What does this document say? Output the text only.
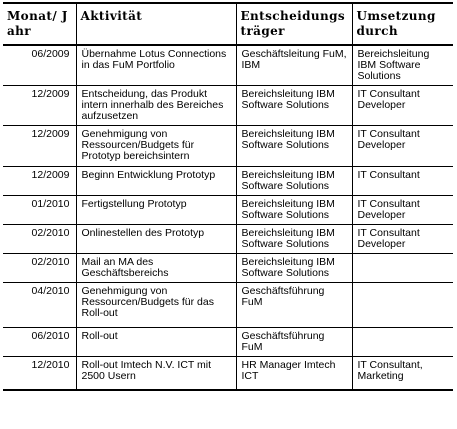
Monat/ Jahr	Aktivität	Entscheidungsträger	Umsetzung durch
06/2009	Übernahme Lotus Connections in das FuM Portfolio	Geschäftsleitung FuM, IBM	Bereichsleitung IBM Software Solutions
12/2009	Entscheidung, das Produkt intern innerhalb des Bereiches aufzusetzen	Bereichsleitung IBM Software Solutions	IT Consultant Developer
12/2009	Genehmigung von Ressourcen/Budgets für Prototyp bereichsintern	Bereichsleitung IBM Software Solutions	IT Consultant Developer
12/2009	Beginn Entwicklung Prototyp	Bereichsleitung IBM Software Solutions	IT Consultant
01/2010	Fertigstellung Prototyp	Bereichsleitung IBM Software Solutions	IT Consultant Developer
02/2010	Onlinestellen des Prototyp	Bereichsleitung IBM Software Solutions	IT Consultant Developer
02/2010	Mail an MA des Geschäftsbereichs	Bereichsleitung IBM Software Solutions	
04/2010	Genehmigung von Ressourcen/Budgets für das Roll-out	Geschäftsführung FuM	
06/2010	Roll-out	Geschäftsführung FuM	
12/2010	Roll-out Imtech N.V. ICT mit 2500 Usern	HR Manager Imtech ICT	IT Consultant, Marketing
